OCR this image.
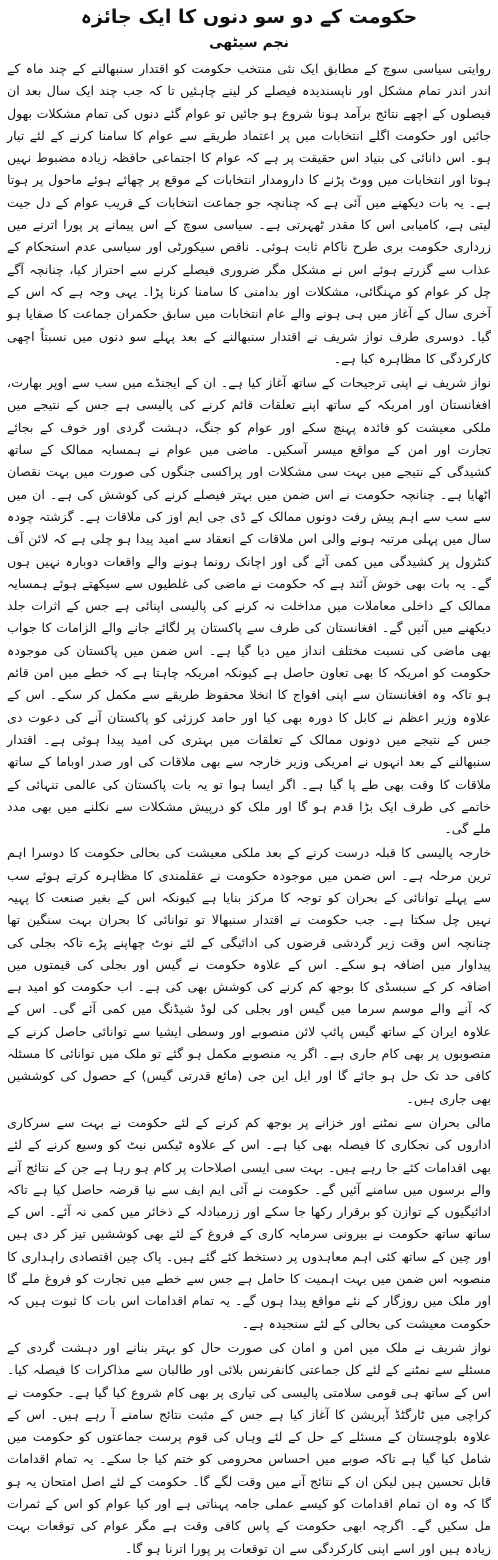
حکومت کے دو سو دنوں کا ایک جائزہ
نجم سیٹھی

روایتی سیاسی سوچ کے مطابق ایک نئی منتخب حکومت کو اقتدار سنبھالنے کے چند ماہ کے اندر اندر تمام مشکل اور ناپسندیدہ فیصلے کر لینے چاہئیں تا کہ جب چند ایک سال بعد ان فیصلوں کے اچھے نتائج برآمد ہونا شروع ہو جائیں تو عوام گئے دنوں کی تمام مشکلات بھول جائیں اور حکومت اگلے انتخابات میں پر اعتماد طریقے سے عوام کا سامنا کرنے کے لئے تیار ہو۔ اس دانائی کی بنیاد اس حقیقت پر ہے کہ عوام کا اجتماعی حافظہ زیادہ مضبوط نہیں ہوتا اور انتخابات میں ووٹ پڑنے کا دارومدار انتخابات کے موقع پر چھائے ہوئے ماحول پر ہوتا ہے۔ یہ بات دیکھنے میں آئی ہے کہ چنانچہ جو جماعت انتخابات کے قریب عوام کے دل جیت لیتی ہے، کامیابی اس کا مقدر ٹھہرتی ہے۔ سیاسی سوچ کے اس پیمانے پر پورا اترنے میں زرداری حکومت بری طرح ناکام ثابت ہوئی۔ ناقص سیکورٹی اور سیاسی عدم استحکام کے عذاب سے گزرتے ہوئے اس نے مشکل مگر ضروری فیصلے کرنے سے احتراز کیا، چنانچہ آگے چل کر عوام کو مہنگائی، مشکلات اور بدامنی کا سامنا کرنا پڑا۔ یہی وجہ ہے کہ اس کے آخری سال کے آغاز میں ہی ہونے والے عام انتخابات میں سابق حکمران جماعت کا صفایا ہو گیا۔ دوسری طرف نواز شریف نے اقتدار سنبھالنے کے بعد پہلے سو دنوں میں نسبتاً اچھی کارکردگی کا مظاہرہ کیا ہے۔

نواز شریف نے اپنی ترجیحات کے ساتھ آغاز کیا ہے۔ ان کے ایجنڈے میں سب سے اوپر بھارت، افغانستان اور امریکہ کے ساتھ اپنے تعلقات قائم کرنے کی پالیسی ہے جس کے نتیجے میں ملکی معیشت کو فائدہ پہنچ سکے اور عوام کو جنگ، دہشت گردی اور خوف کے بجائے تجارت اور امن کے مواقع میسر آسکیں۔ ماضی میں عوام نے ہمسایہ ممالک کے ساتھ کشیدگی کے نتیجے میں بہت سی مشکلات اور پراکسی جنگوں کی صورت میں بہت نقصان اٹھایا ہے۔ چنانچہ حکومت نے اس ضمن میں بہتر فیصلے کرنے کی کوشش کی ہے۔ ان میں سے سب سے اہم پیش رفت دونوں ممالک کے ڈی جی ایم اوز کی ملاقات ہے۔ گزشتہ چودہ سال میں پہلی مرتبہ ہونے والی اس ملاقات کے انعقاد سے امید پیدا ہو چلی ہے کہ لائن آف کنٹرول پر کشیدگی میں کمی آئے گی اور اچانک رونما ہونے والے واقعات دوبارہ نہیں ہوں گے۔ یہ بات بھی خوش آئند ہے کہ حکومت نے ماضی کی غلطیوں سے سیکھتے ہوئے ہمسایہ ممالک کے داخلی معاملات میں مداخلت نہ کرنے کی پالیسی اپنائی ہے جس کے اثرات جلد دیکھنے میں آئیں گے۔ افغانستان کی طرف سے پاکستان پر لگائے جانے والے الزامات کا جواب بھی ماضی کی نسبت مختلف انداز میں دیا گیا ہے۔ اس ضمن میں پاکستان کی موجودہ حکومت کو امریکہ کا بھی تعاون حاصل ہے کیونکہ امریکہ چاہتا ہے کہ خطے میں امن قائم ہو تاکہ وہ افغانستان سے اپنی افواج کا انخلا محفوظ طریقے سے مکمل کر سکے۔ اس کے علاوہ وزیر اعظم نے کابل کا دورہ بھی کیا اور حامد کرزئی کو پاکستان آنے کی دعوت دی جس کے نتیجے میں دونوں ممالک کے تعلقات میں بہتری کی امید پیدا ہوئی ہے۔ اقتدار سنبھالنے کے بعد انہوں نے امریکی وزیر خارجہ سے بھی ملاقات کی اور صدر اوباما کے ساتھ ملاقات کا وقت بھی طے پا گیا ہے۔ اگر ایسا ہوا تو یہ بات پاکستان کی عالمی تنہائی کے خاتمے کی طرف ایک بڑا قدم ہو گا اور ملک کو درپیش مشکلات سے نکلنے میں بھی مدد ملے گی۔

خارجہ پالیسی کا قبلہ درست کرنے کے بعد ملکی معیشت کی بحالی حکومت کا دوسرا اہم ترین مرحلہ ہے۔ اس ضمن میں موجودہ حکومت نے عقلمندی کا مظاہرہ کرتے ہوئے سب سے پہلے توانائی کے بحران کو توجہ کا مرکز بنایا ہے کیونکہ اس کے بغیر صنعت کا پہیہ نہیں چل سکتا ہے۔ جب حکومت نے اقتدار سنبھالا تو توانائی کا بحران بہت سنگین تھا چنانچہ اس وقت زیر گردشی قرضوں کی ادائیگی کے لئے نوٹ چھاپنے پڑے تاکہ بجلی کی پیداوار میں اضافہ ہو سکے۔ اس کے علاوہ حکومت نے گیس اور بجلی کی قیمتوں میں اضافہ کر کے سبسڈی کا بوجھ کم کرنے کی کوشش بھی کی ہے۔ اب حکومت کو امید ہے کہ آنے والے موسم سرما میں گیس اور بجلی کی لوڈ شیڈنگ میں کمی آئے گی۔ اس کے علاوہ ایران کے ساتھ گیس پائپ لائن منصوبے اور وسطی ایشیا سے توانائی حاصل کرنے کے منصوبوں پر بھی کام جاری ہے۔ اگر یہ منصوبے مکمل ہو گئے تو ملک میں توانائی کا مسئلہ کافی حد تک حل ہو جائے گا اور ایل این جی (مائع قدرتی گیس) کے حصول کی کوششیں بھی جاری ہیں۔

مالی بحران سے نمٹنے اور خزانے پر بوجھ کم کرنے کے لئے حکومت نے بہت سے سرکاری اداروں کی نجکاری کا فیصلہ بھی کیا ہے۔ اس کے علاوہ ٹیکس نیٹ کو وسیع کرنے کے لئے بھی اقدامات کئے جا رہے ہیں۔ بہت سی ایسی اصلاحات پر کام ہو رہا ہے جن کے نتائج آنے والے برسوں میں سامنے آئیں گے۔ حکومت نے آئی ایم ایف سے نیا قرضہ حاصل کیا ہے تاکہ ادائیگیوں کے توازن کو برقرار رکھا جا سکے اور زرمبادلہ کے ذخائر میں کمی نہ آئے۔ اس کے ساتھ ساتھ حکومت نے بیرونی سرمایہ کاری کے فروغ کے لئے بھی کوششیں تیز کر دی ہیں اور چین کے ساتھ کئی اہم معاہدوں پر دستخط کئے گئے ہیں۔ پاک چین اقتصادی راہداری کا منصوبہ اس ضمن میں بہت اہمیت کا حامل ہے جس سے خطے میں تجارت کو فروغ ملے گا اور ملک میں روزگار کے نئے مواقع پیدا ہوں گے۔ یہ تمام اقدامات اس بات کا ثبوت ہیں کہ حکومت معیشت کی بحالی کے لئے سنجیدہ ہے۔

نواز شریف نے ملک میں امن و امان کی صورت حال کو بہتر بنانے اور دہشت گردی کے مسئلے سے نمٹنے کے لئے کل جماعتی کانفرنس بلائی اور طالبان سے مذاکرات کا فیصلہ کیا۔ اس کے ساتھ ہی قومی سلامتی پالیسی کی تیاری پر بھی کام شروع کیا گیا ہے۔ حکومت نے کراچی میں ٹارگٹڈ آپریشن کا آغاز کیا ہے جس کے مثبت نتائج سامنے آ رہے ہیں۔ اس کے علاوہ بلوچستان کے مسئلے کے حل کے لئے وہاں کی قوم پرست جماعتوں کو حکومت میں شامل کیا گیا ہے تاکہ صوبے میں احساس محرومی کو ختم کیا جا سکے۔ یہ تمام اقدامات قابل تحسین ہیں لیکن ان کے نتائج آنے میں وقت لگے گا۔ حکومت کے لئے اصل امتحان یہ ہو گا کہ وہ ان تمام اقدامات کو کیسے عملی جامہ پہناتی ہے اور کیا عوام کو اس کے ثمرات مل سکیں گے۔ اگرچہ ابھی حکومت کے پاس کافی وقت ہے مگر عوام کی توقعات بہت زیادہ ہیں اور اسے اپنی کارکردگی سے ان توقعات پر پورا اترنا ہو گا۔
